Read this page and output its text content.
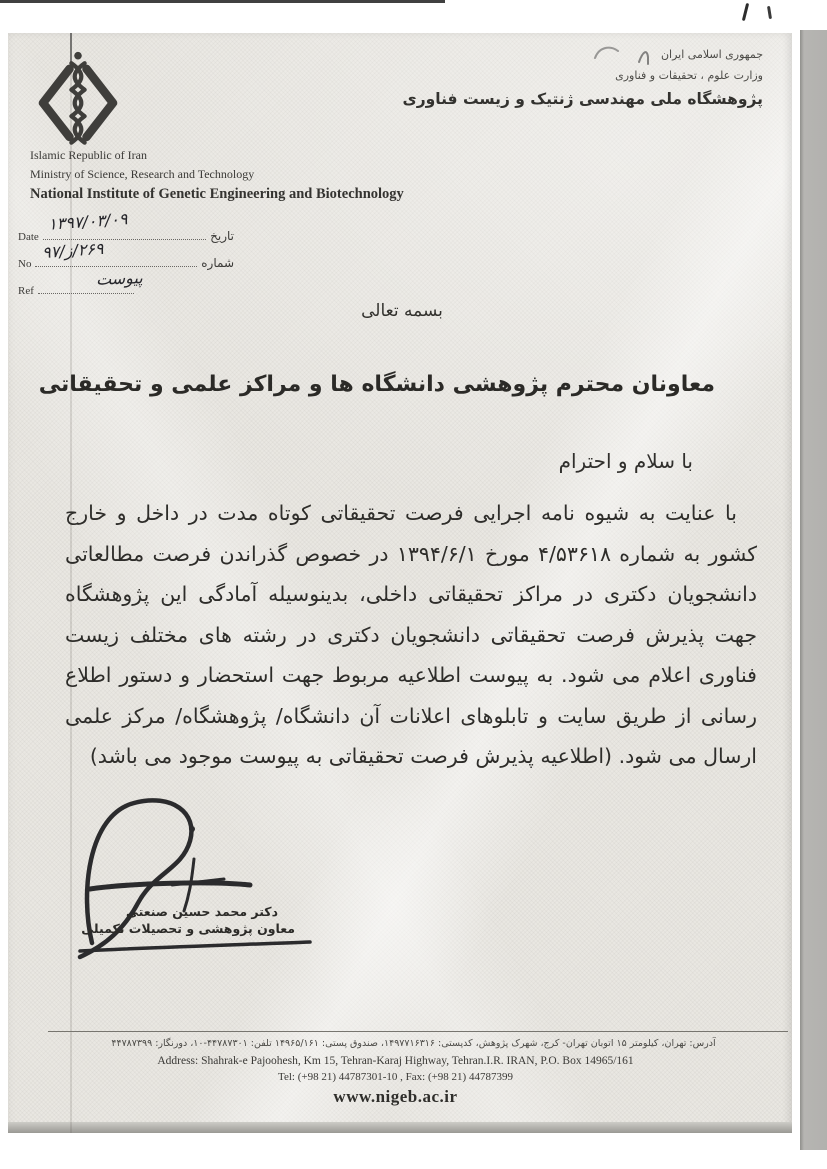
جمهوری اسلامی ایران
وزارت علوم ، تحقیقات و فناوری
پژوهشگاه ملی مهندسی ژنتیک و زیست فناوری
Islamic Republic of Iran
Ministry of Science, Research and Technology
National Institute of Genetic Engineering and Biotechnology
Date	تاریخ
۱۳۹۷/۰۳/۰۹
No	شماره
۹۷/ز/۲۶۹
Ref
پیوست
بسمه تعالی
معاونان محترم پژوهشی دانشگاه ها و مراکز علمی و تحقیقاتی
با سلام و احترام
با عنایت به شیوه نامه اجرایی فرصت تحقیقاتی کوتاه مدت در داخل و خارج
کشور به شماره ۴/۵۳۶۱۸ مورخ ۱۳۹۴/۶/۱ در خصوص گذراندن فرصت مطالعاتی
دانشجویان دکتری در مراکز تحقیقاتی داخلی، بدینوسیله آمادگی این پژوهشگاه
جهت پذیرش فرصت تحقیقاتی دانشجویان دکتری در رشته های مختلف زیست
فناوری اعلام می شود. به پیوست اطلاعیه مربوط جهت استحضار و دستور اطلاع
رسانی از طریق سایت و تابلوهای اعلانات آن دانشگاه/ پژوهشگاه/ مرکز علمی
ارسال می شود. (اطلاعیه پذیرش فرصت تحقیقاتی به پیوست موجود می باشد)
دکتر محمد حسین صنعتی
معاون پژوهشی و تحصیلات تکمیلی
آدرس: تهران، کیلومتر ۱۵ اتوبان تهران- کرج، شهرک پژوهش، کدپستی: ۱۴۹۷۷۱۶۳۱۶، صندوق پستی: ۱۴۹۶۵/۱۶۱ تلفن: ۴۴۷۸۷۳۰۱-۱۰، دورنگار: ۴۴۷۸۷۳۹۹
Address: Shahrak-e Pajoohesh, Km 15, Tehran-Karaj Highway, Tehran.I.R. IRAN, P.O. Box 14965/161
Tel: (+98 21) 44787301-10 , Fax: (+98 21) 44787399
www.nigeb.ac.ir
